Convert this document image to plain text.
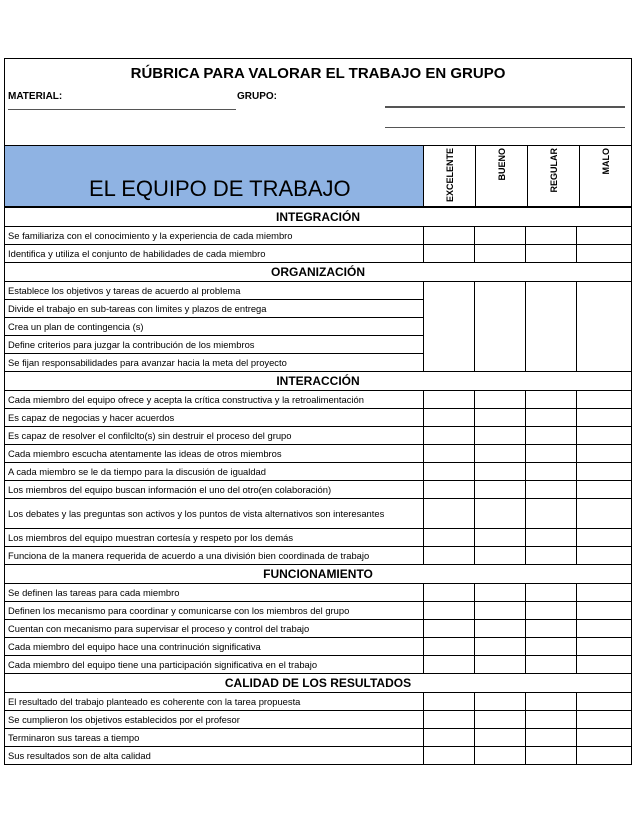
RÚBRICA PARA VALORAR EL TRABAJO EN GRUPO
MATERIAL:	GRUPO:
EL EQUIPO DE TRABAJO	EXCELENTE	BUENO	REGULAR	MALO
INTEGRACIÓN				
Se familiariza con el conocimiento y la experiencia de cada miembro				
Identifica y utiliza el conjunto de habilidades de cada miembro				
ORGANIZACIÓN				
Establece los objetivos y tareas de acuerdo al problema				
Divide el trabajo en sub-tareas con limites y plazos de entrega				
Crea un plan de contingencia (s)				
Define criterios para juzgar la contribución de los miembros				
Se fijan responsabilidades para avanzar hacia la meta del proyecto				
INTERACCIÓN				
Cada miembro del equipo ofrece y acepta la crítica constructiva y la retroalimentación				
Es capaz de negocias y hacer acuerdos				
Es capaz de resolver el confilclto(s) sin destruir el proceso del grupo				
Cada miembro escucha atentamente las ideas de otros miembros				
A cada miembro se le da tiempo para la discusión de igualdad				
Los miembros del equipo buscan información el uno del otro(en colaboración)				
Los debates y las preguntas son activos y los puntos de vista alternativos son interesantes				
Los miembros del equipo muestran cortesía y respeto por los demás				
Funciona de la manera requerida de acuerdo a una división bien coordinada de trabajo				
FUNCIONAMIENTO				
Se definen las tareas para cada miembro				
Definen los mecanismo para coordinar y comunicarse con los miembros del grupo				
Cuentan con mecanismo para supervisar el proceso y control del trabajo				
Cada miembro del equipo hace una contrinución significativa				
Cada miembro del equipo tiene una participación significativa en el trabajo				
CALIDAD DE LOS RESULTADOS				
El resultado del trabajo planteado es coherente con la tarea propuesta				
Se cumplieron los objetivos establecidos por el profesor				
Terminaron sus tareas a tiempo				
Sus resultados son de alta calidad				
